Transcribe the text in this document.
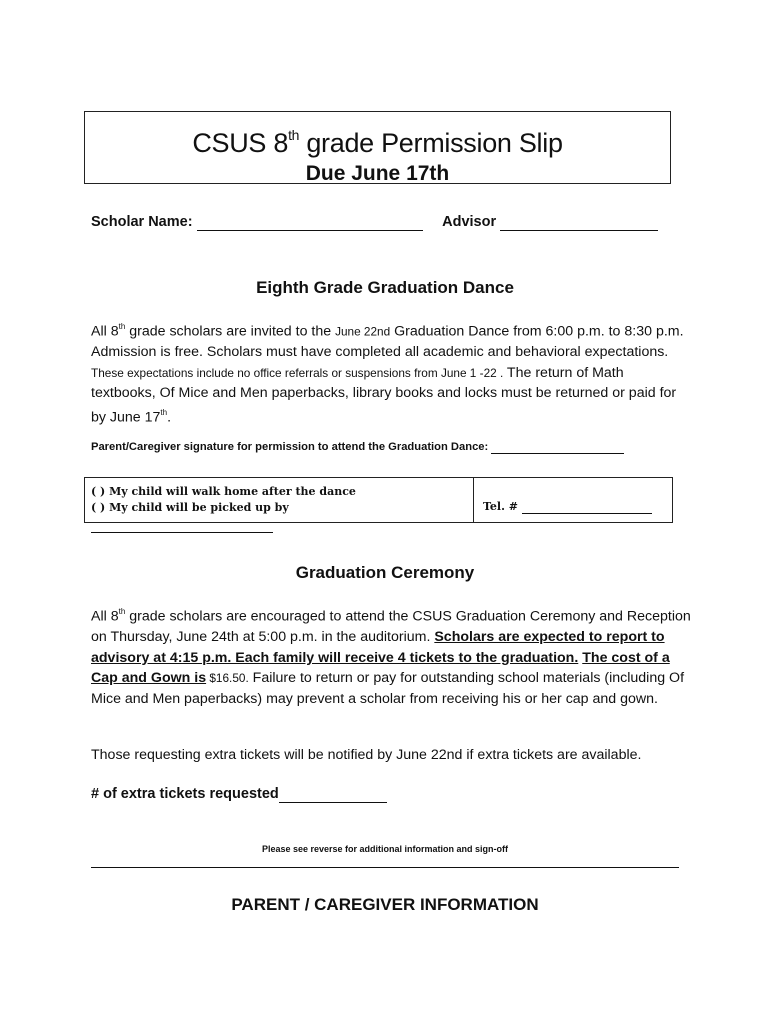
CSUS 8th grade Permission Slip
Due June 17th
Scholar Name:	Advisor
Eighth Grade Graduation Dance
All 8th grade scholars are invited to the June 22nd Graduation Dance from 6:00 p.m. to 8:30 p.m. Admission is free. Scholars must have completed all academic and behavioral expectations. These expectations include no office referrals or suspensions from June 1 -22 . The return of Math textbooks, Of Mice and Men paperbacks, library books and locks must be returned or paid for by June 17th.
Parent/Caregiver signature for permission to attend the Graduation Dance:
( ) My child will walk home after the dance
( ) My child will be picked up by	Tel. #
Graduation Ceremony
All 8th grade scholars are encouraged to attend the CSUS Graduation Ceremony and Reception on Thursday, June 24th at 5:00 p.m. in the auditorium. Scholars are expected to report to advisory at 4:15 p.m. Each family will receive 4 tickets to the graduation. The cost of a Cap and Gown is $16.50. Failure to return or pay for outstanding school materials (including Of Mice and Men paperbacks) may prevent a scholar from receiving his or her cap and gown.
Those requesting extra tickets will be notified by June 22nd if extra tickets are available.
# of extra tickets requested
Please see reverse for additional information and sign-off
PARENT / CAREGIVER INFORMATION
